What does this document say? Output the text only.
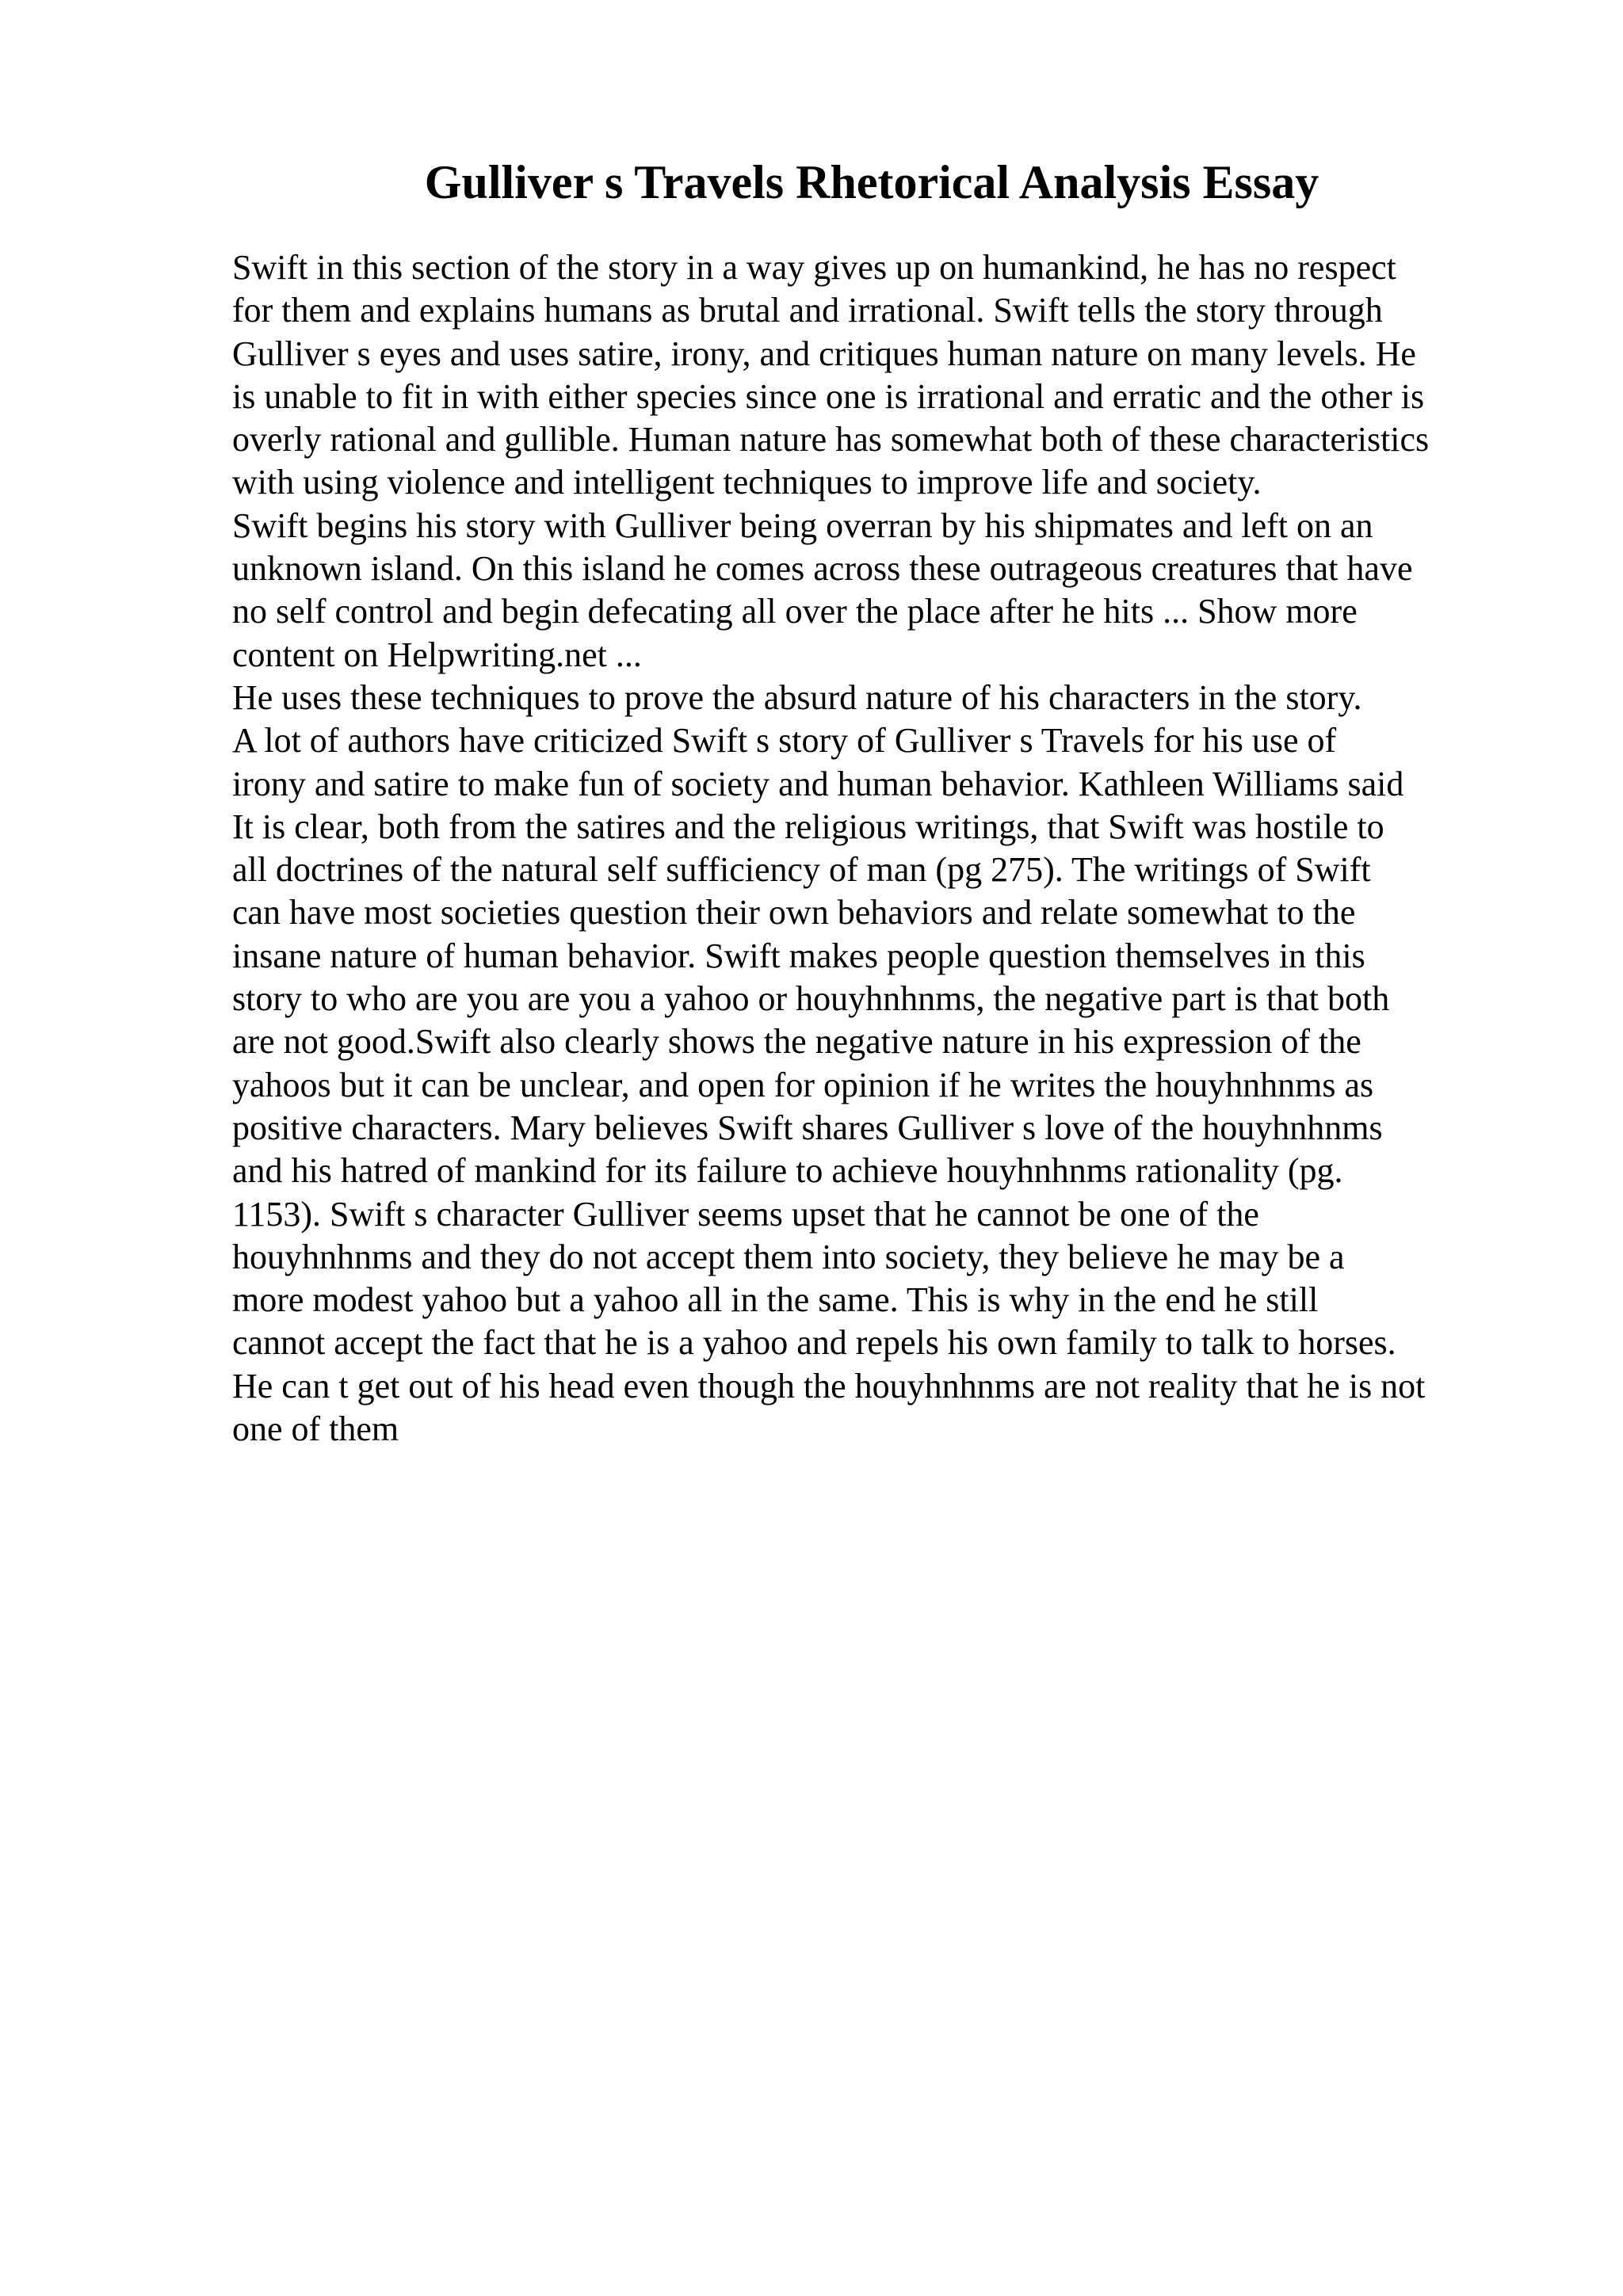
Gulliver s Travels Rhetorical Analysis Essay
Swift in this section of the story in a way gives up on humankind, he has no respect
for them and explains humans as brutal and irrational. Swift tells the story through
Gulliver s eyes and uses satire, irony, and critiques human nature on many levels. He
is unable to fit in with either species since one is irrational and erratic and the other is
overly rational and gullible. Human nature has somewhat both of these characteristics
with using violence and intelligent techniques to improve life and society.
Swift begins his story with Gulliver being overran by his shipmates and left on an
unknown island. On this island he comes across these outrageous creatures that have
no self control and begin defecating all over the place after he hits ... Show more
content on Helpwriting.net ...
He uses these techniques to prove the absurd nature of his characters in the story.
A lot of authors have criticized Swift s story of Gulliver s Travels for his use of
irony and satire to make fun of society and human behavior. Kathleen Williams said
It is clear, both from the satires and the religious writings, that Swift was hostile to
all doctrines of the natural self sufficiency of man (pg 275). The writings of Swift
can have most societies question their own behaviors and relate somewhat to the
insane nature of human behavior. Swift makes people question themselves in this
story to who are you are you a yahoo or houyhnhnms, the negative part is that both
are not good.Swift also clearly shows the negative nature in his expression of the
yahoos but it can be unclear, and open for opinion if he writes the houyhnhnms as
positive characters. Mary believes Swift shares Gulliver s love of the houyhnhnms
and his hatred of mankind for its failure to achieve houyhnhnms rationality (pg.
1153). Swift s character Gulliver seems upset that he cannot be one of the
houyhnhnms and they do not accept them into society, they believe he may be a
more modest yahoo but a yahoo all in the same. This is why in the end he still
cannot accept the fact that he is a yahoo and repels his own family to talk to horses.
He can t get out of his head even though the houyhnhnms are not reality that he is not
one of them
